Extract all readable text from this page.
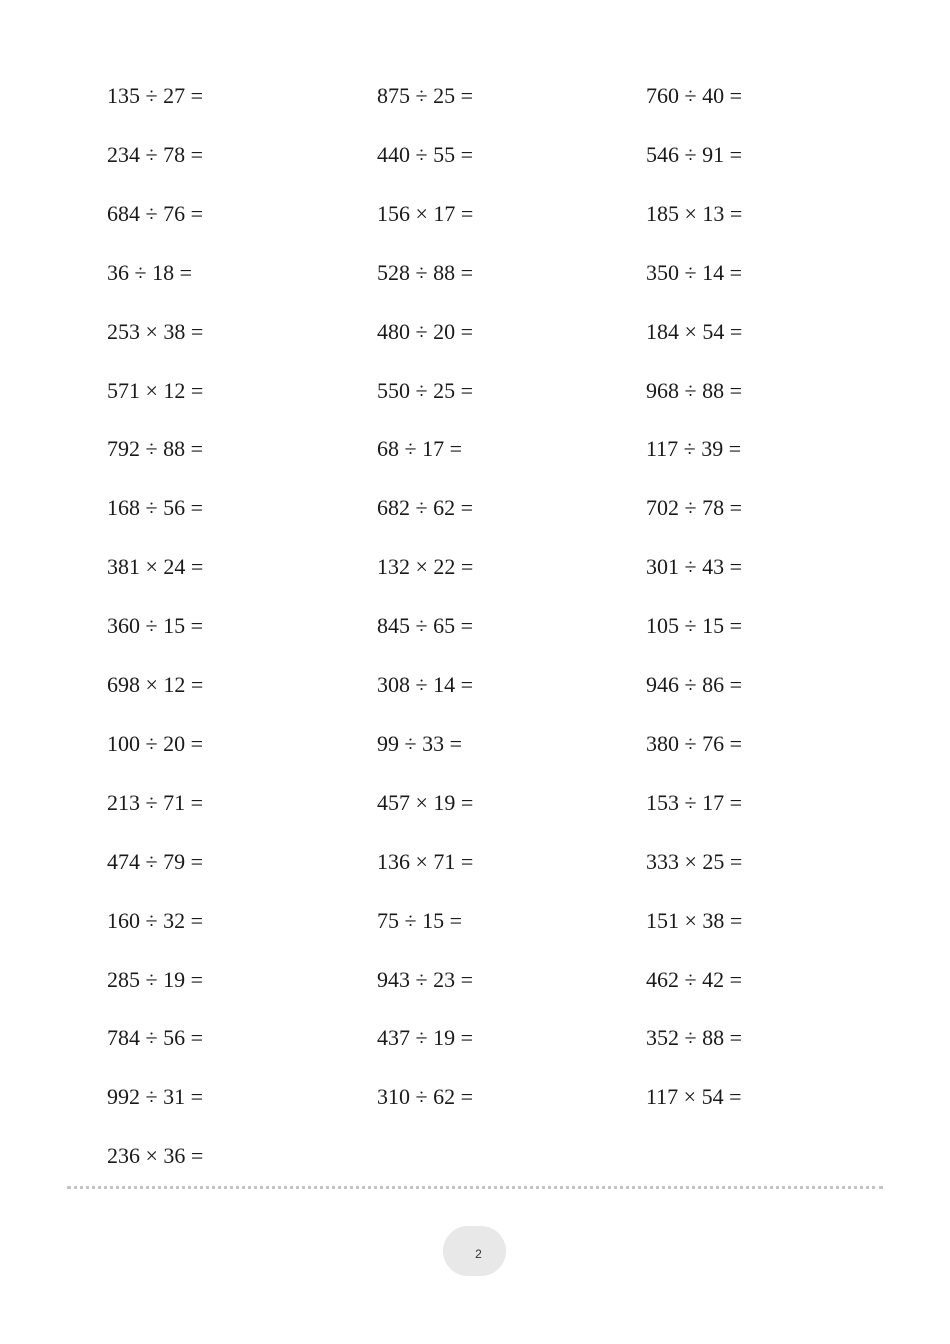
135 ÷ 27 =
234 ÷ 78 =
684 ÷ 76 =
36 ÷ 18 =
253 × 38 =
571 × 12 =
792 ÷ 88 =
168 ÷ 56 =
381 × 24 =
360 ÷ 15 =
698 × 12 =
100 ÷ 20 =
213 ÷ 71 =
474 ÷ 79 =
160 ÷ 32 =
285 ÷ 19 =
784 ÷ 56 =
992 ÷ 31 =
236 × 36 =
875 ÷ 25 =
440 ÷ 55 =
156 × 17 =
528 ÷ 88 =
480 ÷ 20 =
550 ÷ 25 =
68 ÷ 17 =
682 ÷ 62 =
132 × 22 =
845 ÷ 65 =
308 ÷ 14 =
99 ÷ 33 =
457 × 19 =
136 × 71 =
75 ÷ 15 =
943 ÷ 23 =
437 ÷ 19 =
310 ÷ 62 =
760 ÷ 40 =
546 ÷ 91 =
185 × 13 =
350 ÷ 14 =
184 × 54 =
968 ÷ 88 =
117 ÷ 39 =
702 ÷ 78 =
301 ÷ 43 =
105 ÷ 15 =
946 ÷ 86 =
380 ÷ 76 =
153 ÷ 17 =
333 × 25 =
151 × 38 =
462 ÷ 42 =
352 ÷ 88 =
117 × 54 =
2
